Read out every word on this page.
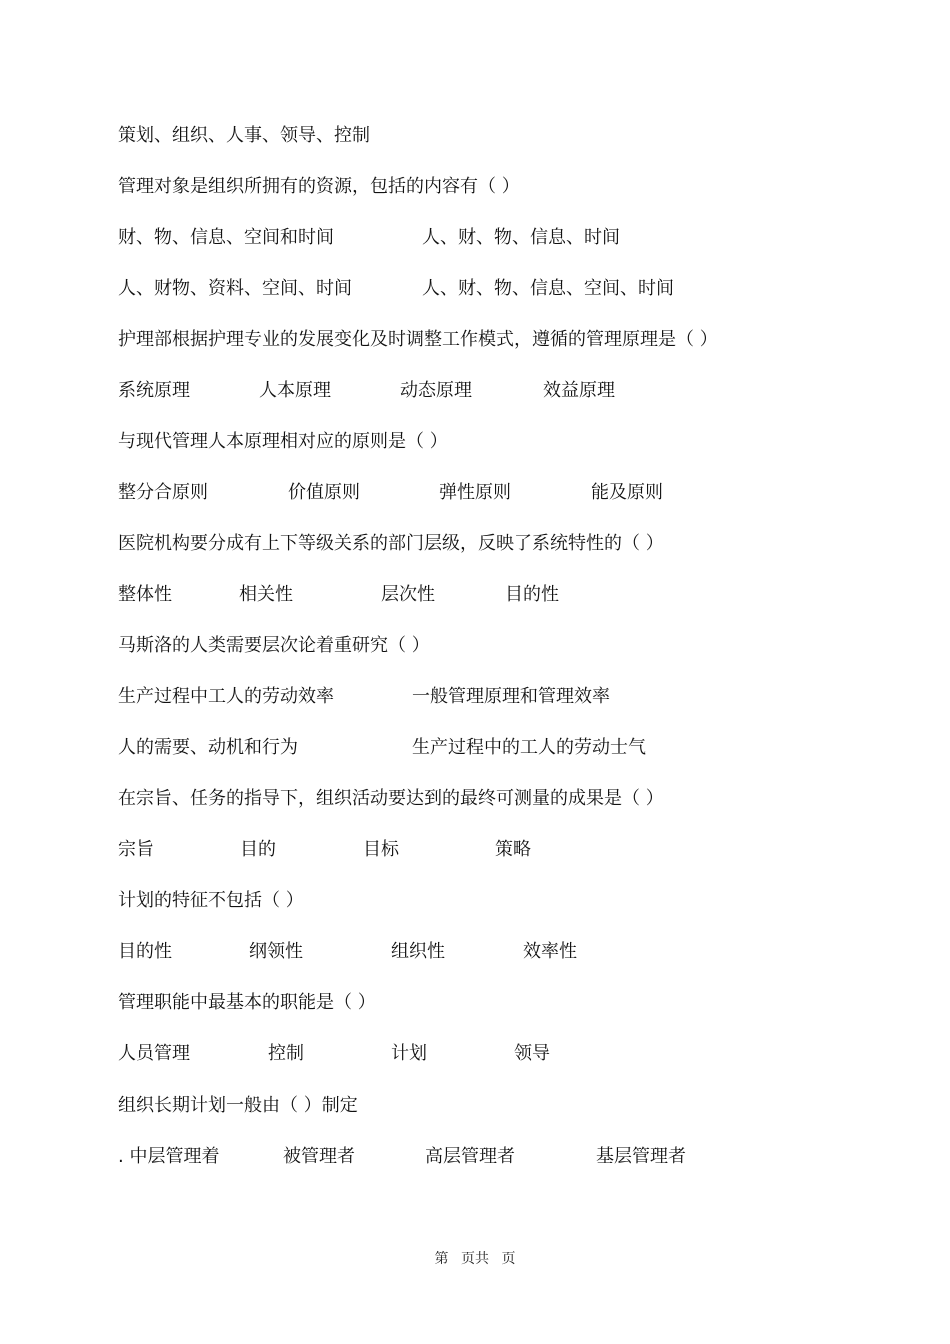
策划、组织、人事、领导、控制
管理对象是组织所拥有的资源，包括的内容有（ ）
财、物、信息、空间和时间	人、财、物、信息、时间
人、财物、资料、空间、时间	人、财、物、信息、空间、时间
护理部根据护理专业的发展变化及时调整工作模式，遵循的管理原理是（ ）
系统原理	人本原理	动态原理	效益原理
与现代管理人本原理相对应的原则是（ ）
整分合原则	价值原则	弹性原则	能及原则
医院机构要分成有上下等级关系的部门层级，反映了系统特性的（ ）
整体性	相关性	层次性	目的性
马斯洛的人类需要层次论着重研究（ ）
生产过程中工人的劳动效率	一般管理原理和管理效率
人的需要、动机和行为	生产过程中的工人的劳动士气
在宗旨、任务的指导下，组织活动要达到的最终可测量的成果是（ ）
宗旨	目的	目标	策略
计划的特征不包括（ ）
目的性	纲领性	组织性	效率性
管理职能中最基本的职能是（ ）
人员管理	控制	计划	领导
组织长期计划一般由（ ）制定
. 中层管理着	被管理者	高层管理者	基层管理者
第 页共 页
